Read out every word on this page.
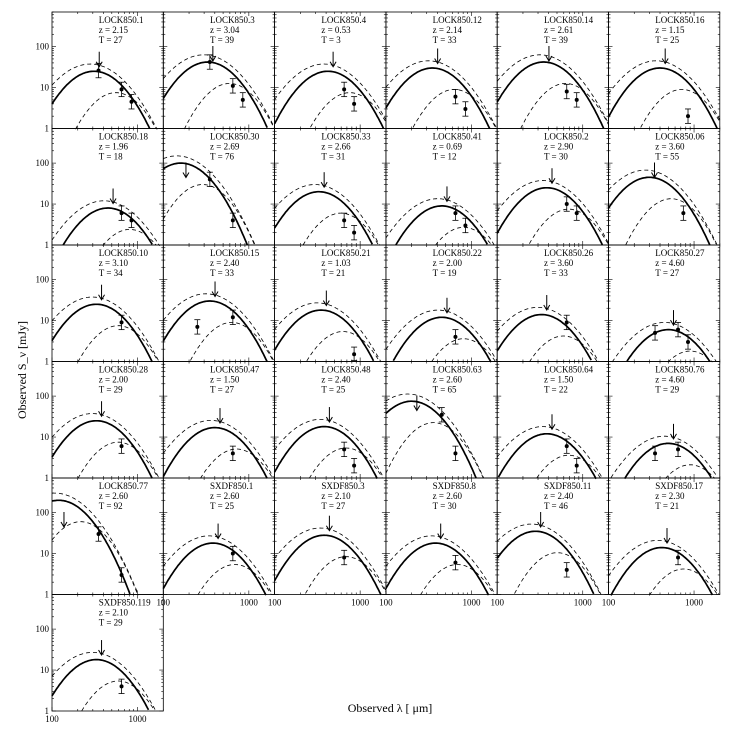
1
10
100
LOCK850.1
z = 2.15
T = 27
LOCK850.3
z = 3.04
T = 39
LOCK850.4
z = 0.53
T = 3
LOCK850.12
z = 2.14
T = 33
LOCK850.14
z = 2.61
T = 39
LOCK850.16
z = 1.15
T = 25
1
10
100
LOCK850.18
z = 1.96
T = 18
LOCK850.30
z = 2.69
T = 76
LOCK850.33
z = 2.66
T = 31
LOCK850.41
z = 0.69
T = 12
LOCK850.2
z = 2.90
T = 30
LOCK850.06
z = 3.60
T = 55
1
10
100
LOCK850.10
z = 3.10
T = 34
LOCK850.15
z = 2.40
T = 33
LOCK850.21
z = 1.03
T = 21
LOCK850.22
z = 2.00
T = 19
LOCK850.26
z = 3.60
T = 33
LOCK850.27
z = 4.60
T = 27
1
10
100
LOCK850.28
z = 2.00
T = 29
LOCK850.47
z = 1.50
T = 27
LOCK850.48
z = 2.40
T = 25
LOCK850.63
z = 2.60
T = 65
LOCK850.64
z = 1.50
T = 22
LOCK850.76
z = 4.60
T = 29
1
10
100
LOCK850.77
z = 2.60
T = 92
100	1000
SXDF850.1
z = 2.60
T = 25
100	1000
SXDF850.3
z = 2.10
T = 27
100	1000
SXDF850.8
z = 2.60
T = 30
100	1000
SXDF850.11
z = 2.40
T = 46
100	1000
SXDF850.17
z = 2.30
T = 21
1
10
100
100	1000
SXDF850.119
z = 2.10
T = 29
Observed λ [ μm]
Observed S_ν [mJy]
